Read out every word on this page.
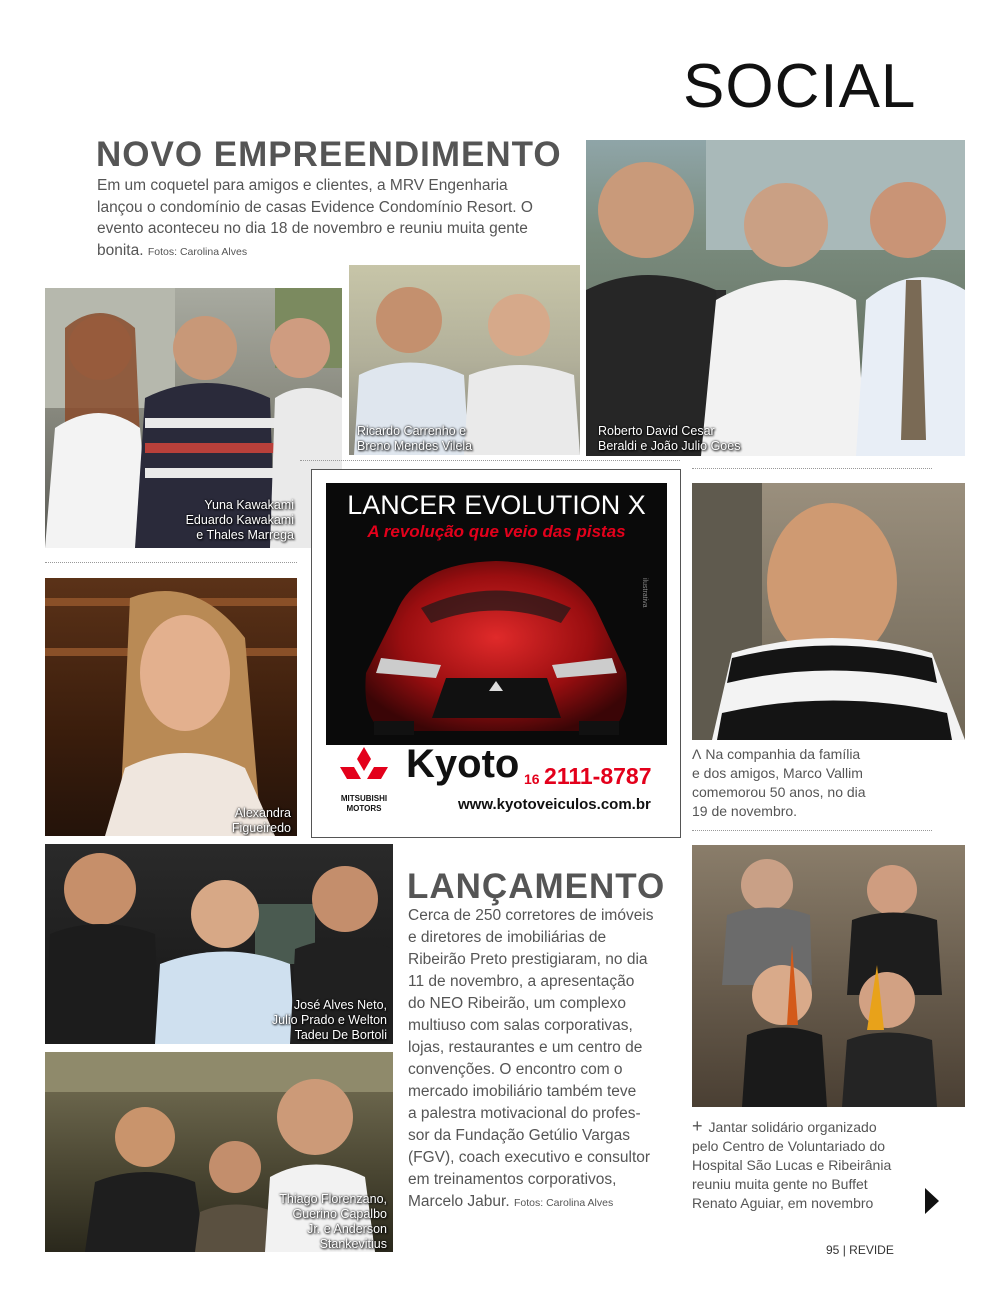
SOCIAL
NOVO EMPREENDIMENTO
Em um coquetel para amigos e clientes, a MRV Engenharia lançou o condomínio de casas Evidence Condomínio Resort. O evento aconteceu no dia 18 de novembro e reuniu muita gente bonita. Fotos: Carolina Alves
Roberto David Cesar
Beraldi e João Julio Goes
Yuna Kawakami
Eduardo Kawakami
e Thales Marrega
Ricardo Carrenho e
Breno Mendes Vilela
LANCER EVOLUTION X
A revolução que veio das pistas
ilustrativa
MITSUBISHI
MOTORS
Kyoto 16 2111-8787
www.kyotoveiculos.com.br
Λ Na companhia da família
e dos amigos, Marco Vallim
comemorou 50 anos, no dia
19 de novembro.
Alexandra
Figueiredo
José Alves Neto,
Julio Prado e Welton
Tadeu De Bortoli
Thiago Florenzano,
Guerino Capalbo
Jr. e Anderson
Stankevitius
LANÇAMENTO
Cerca de 250 corretores de imóveis
e diretores de imobiliárias de
Ribeirão Preto prestigiaram, no dia
11 de novembro, a apresentação
do NEO Ribeirão, um complexo
multiuso com salas corporativas,
lojas, restaurantes e um centro de
convenções. O encontro com o
mercado imobiliário também teve
a palestra motivacional do profes-
sor da Fundação Getúlio Vargas
(FGV), coach executivo e consultor
em treinamentos corporativos,
Marcelo Jabur. Fotos: Carolina Alves
+ Jantar solidário organizado
pelo Centro de Voluntariado do
Hospital São Lucas e Ribeirânia
reuniu muita gente no Buffet
Renato Aguiar, em novembro
95 | REVIDE
